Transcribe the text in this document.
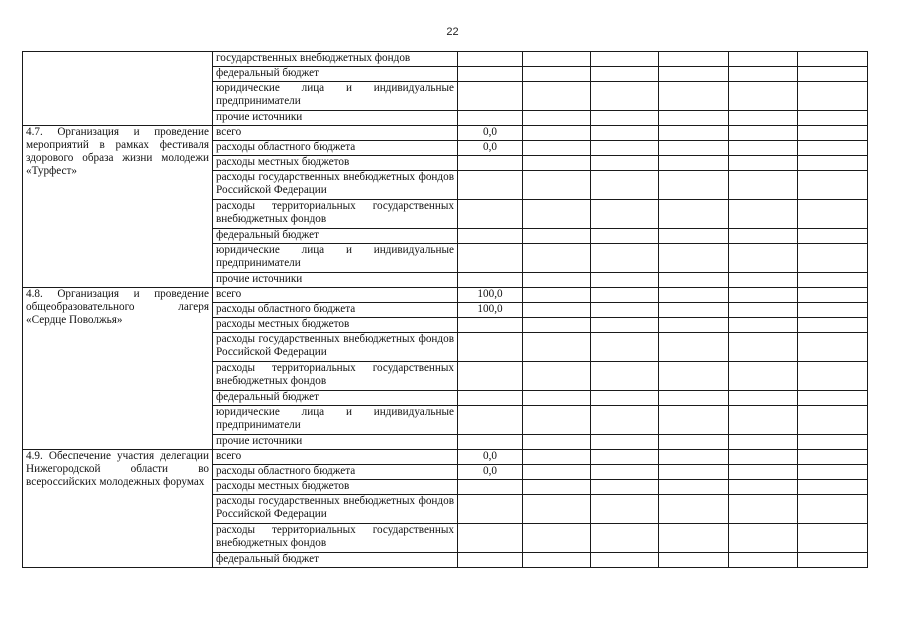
22
	государственных внебюджетных фондов						
	федеральный бюджет						
	юридические лица и индивидуальные предприниматели						
	прочие источники						
4.7. Организация и проведение мероприятий в рамках фестиваля здорового образа жизни молодежи «Турфест»	всего	0,0					
	расходы областного бюджета	0,0					
	расходы местных бюджетов						
	расходы государственных внебюджетных фондов Российской Федерации						
	расходы территориальных государственных внебюджетных фондов						
	федеральный бюджет						
	юридические лица и индивидуальные предприниматели						
	прочие источники						
4.8. Организация и проведение общеобразовательного лагеря «Сердце Поволжья»	всего	100,0					
	расходы областного бюджета	100,0					
	расходы местных бюджетов						
	расходы государственных внебюджетных фондов Российской Федерации						
	расходы территориальных государственных внебюджетных фондов						
	федеральный бюджет						
	юридические лица и индивидуальные предприниматели						
	прочие источники						
4.9. Обеспечение участия делегации Нижегородской области во всероссийских молодежных форумах	всего	0,0					
	расходы областного бюджета	0,0					
	расходы местных бюджетов						
	расходы государственных внебюджетных фондов Российской Федерации						
	расходы территориальных государственных внебюджетных фондов						
	федеральный бюджет						
